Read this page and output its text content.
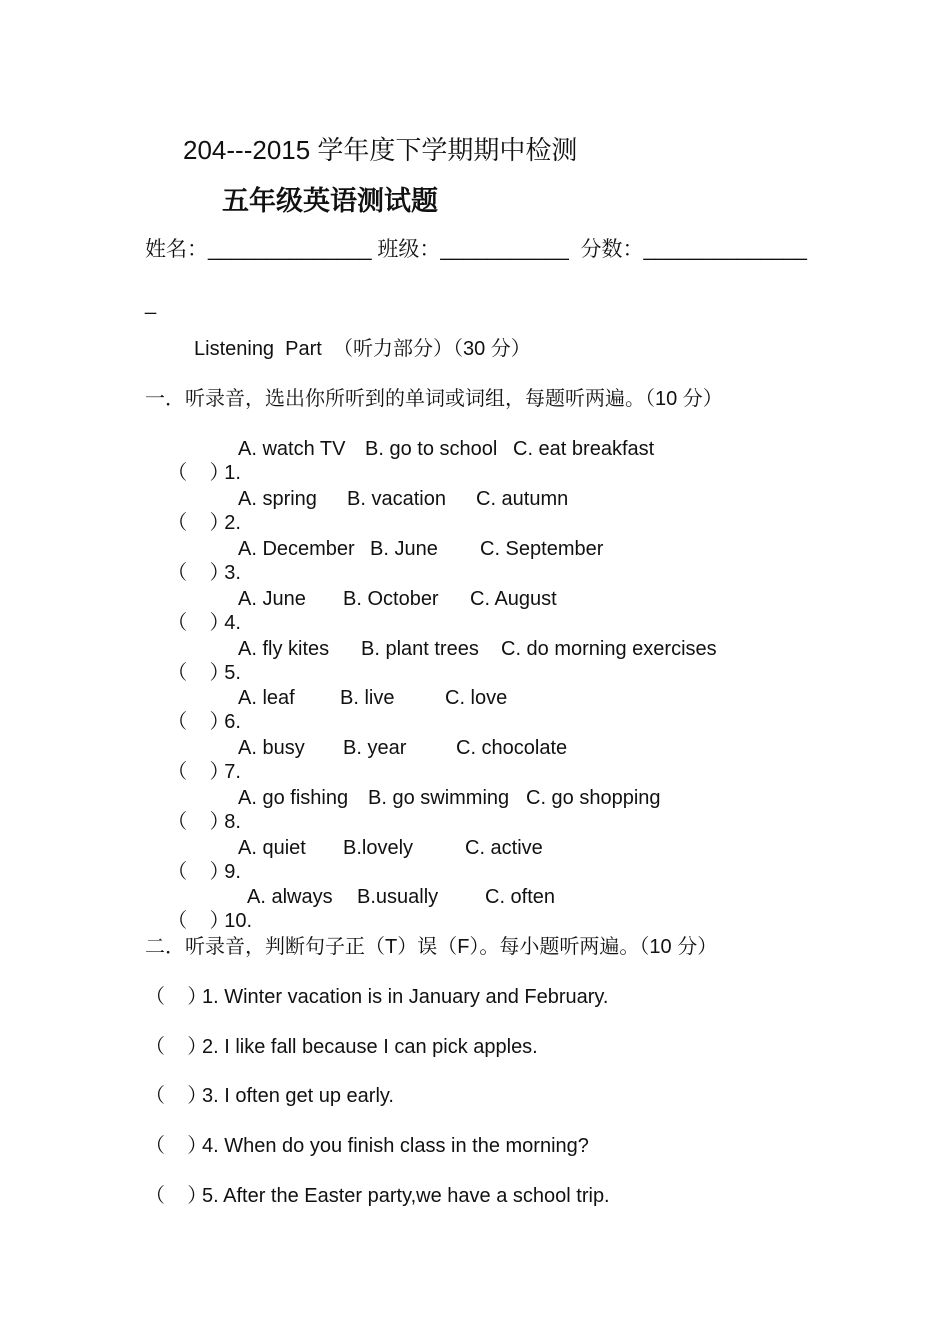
204---2015 学年度下学期期中检测
五年级英语测试题
姓名：______________ 班级：___________  分数：______________
_
Listening  Part  （听力部分）（30 分）
一．听录音，选出你所听到的单词或词组，每题听两遍。（10 分）

（    ）1.
A. watch TV B. go to school C. eat breakfast

（    ）2.
A. spring B. vacation C. autumn

（    ）3.
A. December B. June C. September

（    ）4.
A. June B. October C. August

（    ）5.
A. fly kites B. plant trees C. do morning exercises

（    ）6.
A. leaf B. live	C. love

（    ）7.
A. busy B. year C. chocolate

（    ）8.
A. go fishing B. go swimming C. go shopping

（    ）9.
A. quiet B.lovely	C. active

（    ）10.
A. always B.usually C. often

二．听录音，判断句子正（T）误（F）。每小题听两遍。（10 分）
（    ）1. Winter vacation is in January and February.
（    ）2. I like fall because I can pick apples.
（    ）3. I often get up early.
（    ）4. When do you finish class in the morning?
（    ）5. After the Easter party,we have a school trip.
